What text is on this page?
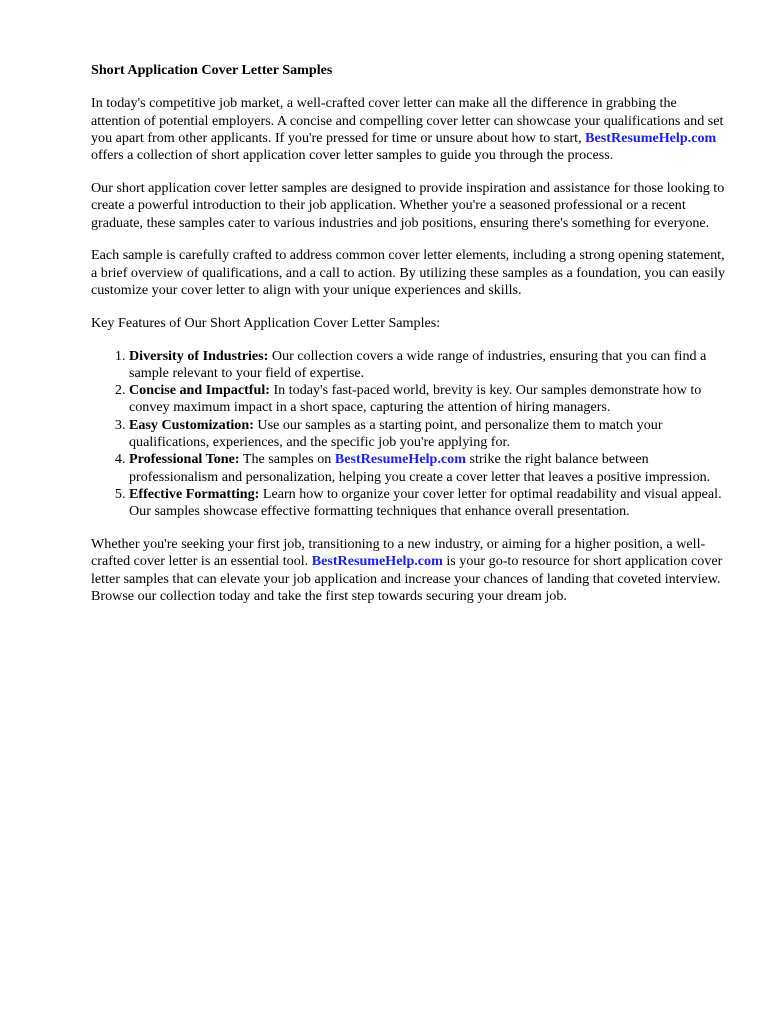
Short Application Cover Letter Samples

In today's competitive job market, a well-crafted cover letter can make all the difference in grabbing the attention of potential employers. A concise and compelling cover letter can showcase your qualifications and set you apart from other applicants. If you're pressed for time or unsure about how to start, BestResumeHelp.com offers a collection of short application cover letter samples to guide you through the process.

Our short application cover letter samples are designed to provide inspiration and assistance for those looking to create a powerful introduction to their job application. Whether you're a seasoned professional or a recent graduate, these samples cater to various industries and job positions, ensuring there's something for everyone.

Each sample is carefully crafted to address common cover letter elements, including a strong opening statement, a brief overview of qualifications, and a call to action. By utilizing these samples as a foundation, you can easily customize your cover letter to align with your unique experiences and skills.

Key Features of Our Short Application Cover Letter Samples:

1. Diversity of Industries: Our collection covers a wide range of industries, ensuring that you can find a sample relevant to your field of expertise.
2. Concise and Impactful: In today's fast-paced world, brevity is key. Our samples demonstrate how to convey maximum impact in a short space, capturing the attention of hiring managers.
3. Easy Customization: Use our samples as a starting point, and personalize them to match your qualifications, experiences, and the specific job you're applying for.
4. Professional Tone: The samples on BestResumeHelp.com strike the right balance between professionalism and personalization, helping you create a cover letter that leaves a positive impression.
5. Effective Formatting: Learn how to organize your cover letter for optimal readability and visual appeal. Our samples showcase effective formatting techniques that enhance overall presentation.

Whether you're seeking your first job, transitioning to a new industry, or aiming for a higher position, a well-crafted cover letter is an essential tool. BestResumeHelp.com is your go-to resource for short application cover letter samples that can elevate your job application and increase your chances of landing that coveted interview. Browse our collection today and take the first step towards securing your dream job.
